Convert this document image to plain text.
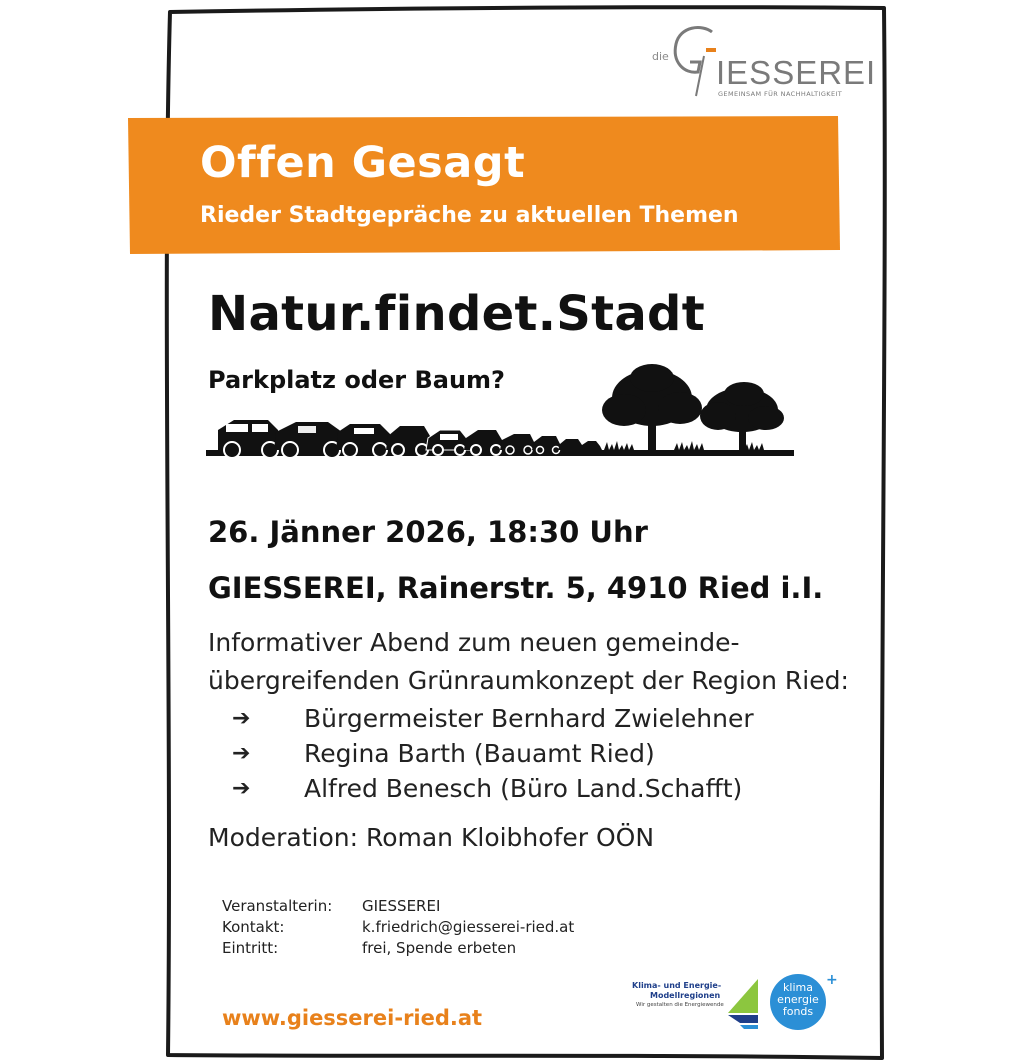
die IESSEREI
GEMEINSAM FÜR NACHHALTIGKEIT
Offen Gesagt
Rieder Stadtgepräche zu aktuellen Themen
Natur.findet.Stadt
Parkplatz oder Baum?
26. Jänner 2026, 18:30 Uhr
GIESSEREI, Rainerstr. 5, 4910 Ried i.I.
Informativer Abend zum neuen gemeinde-
übergreifenden Grünraumkonzept der Region Ried:
➔ Bürgermeister Bernhard Zwielehner
➔ Regina Barth (Bauamt Ried)
➔ Alfred Benesch (Büro Land.Schafft)
Moderation: Roman Kloibhofer OÖN
Veranstalterin: GIESSEREI
Kontakt:	k.friedrich@giesserei-ried.at
Eintritt:	frei, Spende erbeten
www.giesserei-ried.at
Klima- und Energie-
Modellregionen
Wir gestalten die Energiewende
klima
energie
fonds
+
